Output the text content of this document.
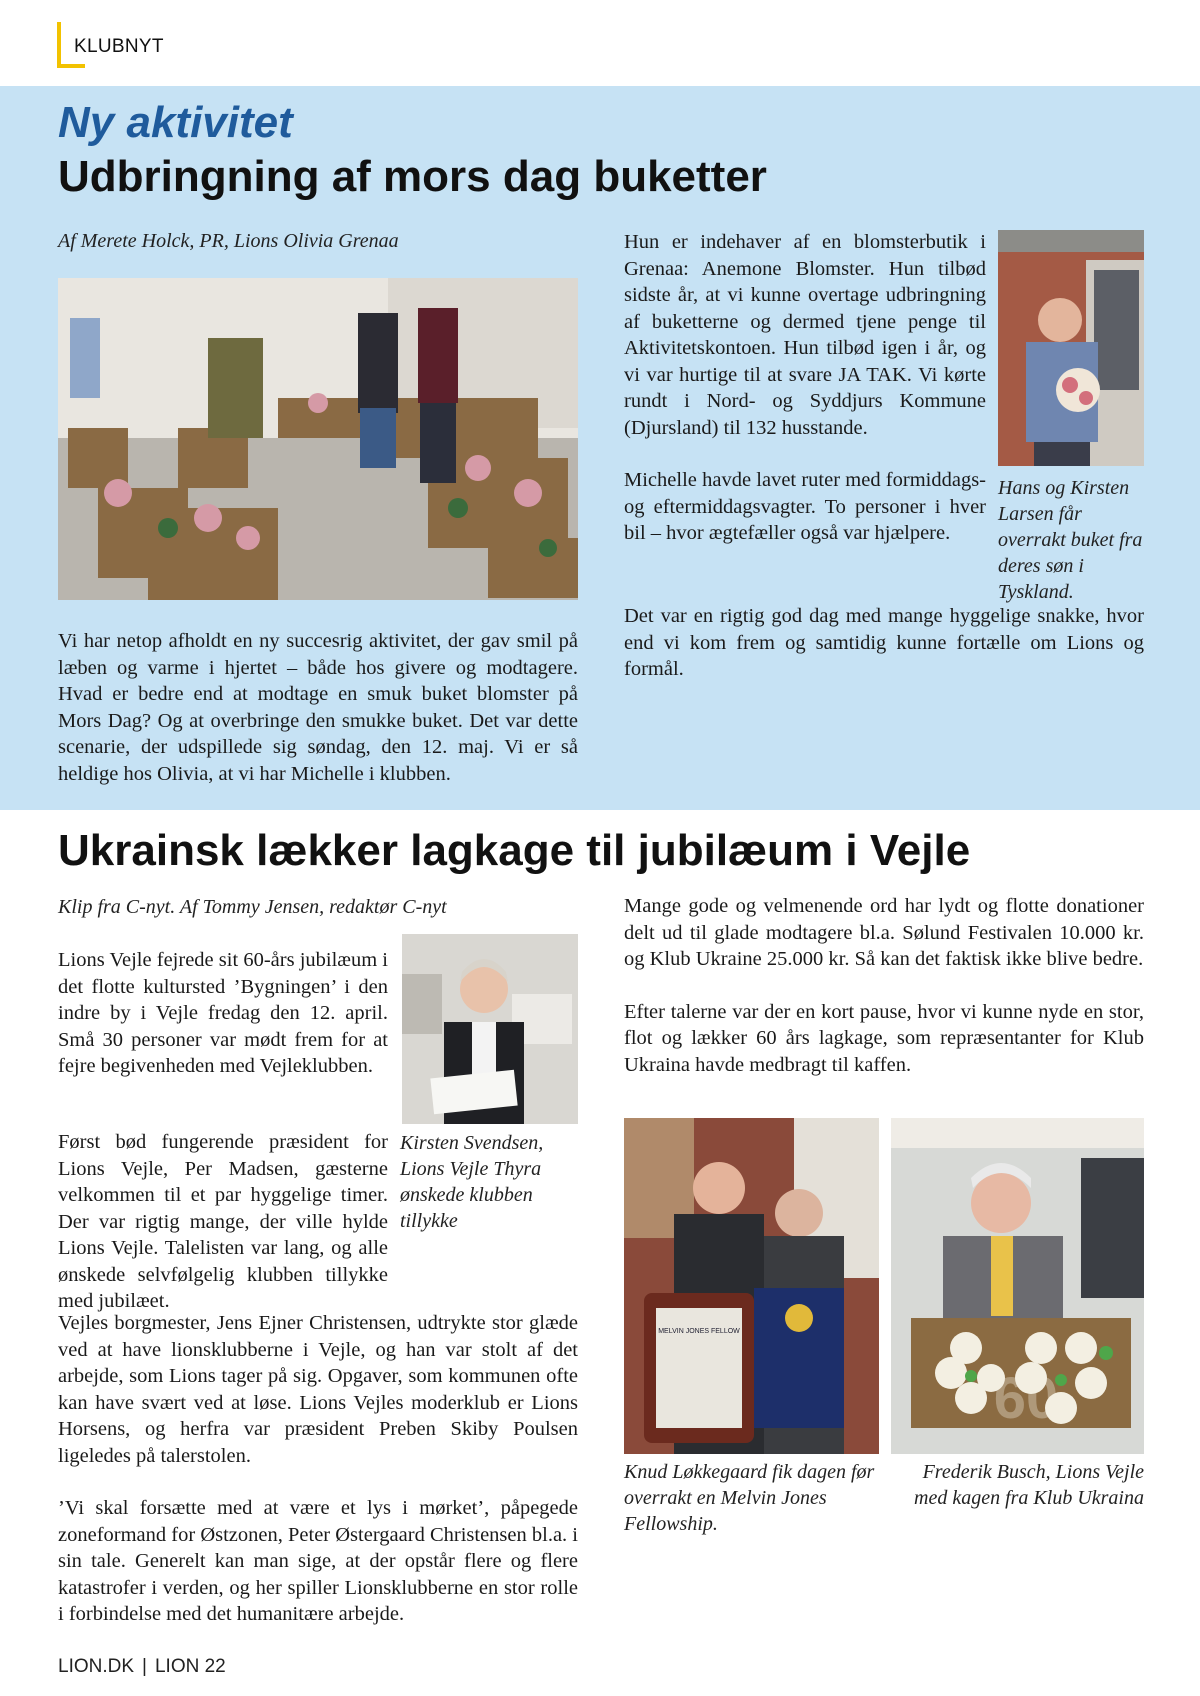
KLUBNYT
Ny aktivitet
Udbringning af mors dag buketter
Af Merete Holck, PR, Lions Olivia Grenaa
Vi har netop afholdt en ny succesrig aktivitet, der gav smil på læben og varme i hjertet – både hos givere og modtagere. Hvad er bedre end at modtage en smuk buket blomster på Mors Dag? Og at overbringe den smukke buket. Det var dette scenarie, der udspillede sig søndag, den 12. maj. Vi er så heldige hos Olivia, at vi har Michelle i klubben.

Hun er indehaver af en blomsterbutik i Grenaa: Anemone Blomster. Hun tilbød sidste år, at vi kunne overtage udbringning af buketterne og dermed tjene penge til Aktivitetskontoen. Hun tilbød igen i år, og vi var hurtige til at svare JA TAK. Vi kørte rundt i Nord- og Syddjurs Kommune (Djursland) til 132 husstande.

Michelle havde lavet ruter med formiddags- og eftermiddagsvagter. To personer i hver bil – hvor ægtefæller også var hjælpere.

Det var en rigtig god dag med mange hyggelige snakke, hvor end vi kom frem og samtidig kunne fortælle om Lions og formål.
Hans og Kirsten Larsen får overrakt buket fra deres søn i Tyskland.
Ukrainsk lækker lagkage til jubilæum i Vejle
Klip fra C-nyt. Af Tommy Jensen, redaktør C-nyt
Lions Vejle fejrede sit 60-års jubilæum i det flotte kultursted ’Bygningen’ i den indre by i Vejle fredag den 12. april. Små 30 personer var mødt frem for at fejre begivenheden med Vejleklubben.
Først bød fungerende præsident for Lions Vejle, Per Madsen, gæsterne velkommen til et par hyggelige timer. Der var rigtig mange, der ville hylde Lions Vejle. Talelisten var lang, og alle ønskede selvfølgelig klubben tillykke med jubilæet.
Kirsten Svendsen, Lions Vejle Thyra ønskede klubben tillykke

Vejles borgmester, Jens Ejner Christensen, udtrykte stor glæde ved at have lionsklubberne i Vejle, og han var stolt af det arbejde, som Lions tager på sig. Opgaver, som kommunen ofte kan have svært ved at løse. Lions Vejles moderklub er Lions Horsens, og herfra var præsident Preben Skiby Poulsen ligeledes på talerstolen.

’Vi skal forsætte med at være et lys i mørket’, påpegede zoneformand for Østzonen, Peter Østergaard Christensen bl.a. i sin tale. Generelt kan man sige, at der opstår flere og flere katastrofer i verden, og her spiller Lionsklubberne en stor rolle i forbindelse med det humanitære arbejde.

Mange gode og velmenende ord har lydt og flotte donationer delt ud til glade modtagere bl.a. Sølund Festivalen 10.000 kr. og Klub Ukraine 25.000 kr. Så kan det faktisk ikke blive bedre.

Efter talerne var der en kort pause, hvor vi kunne nyde en stor, flot og lækker 60 års lagkage, som repræsentanter for Klub Ukraina havde medbragt til kaffen.

MELVIN JONES FELLOW
Knud Løkkegaard fik dagen før overrakt en Melvin Jones Fellowship.
60
Frederik Busch, Lions Vejle med kagen fra Klub Ukraina
LION.DK | LION 22
